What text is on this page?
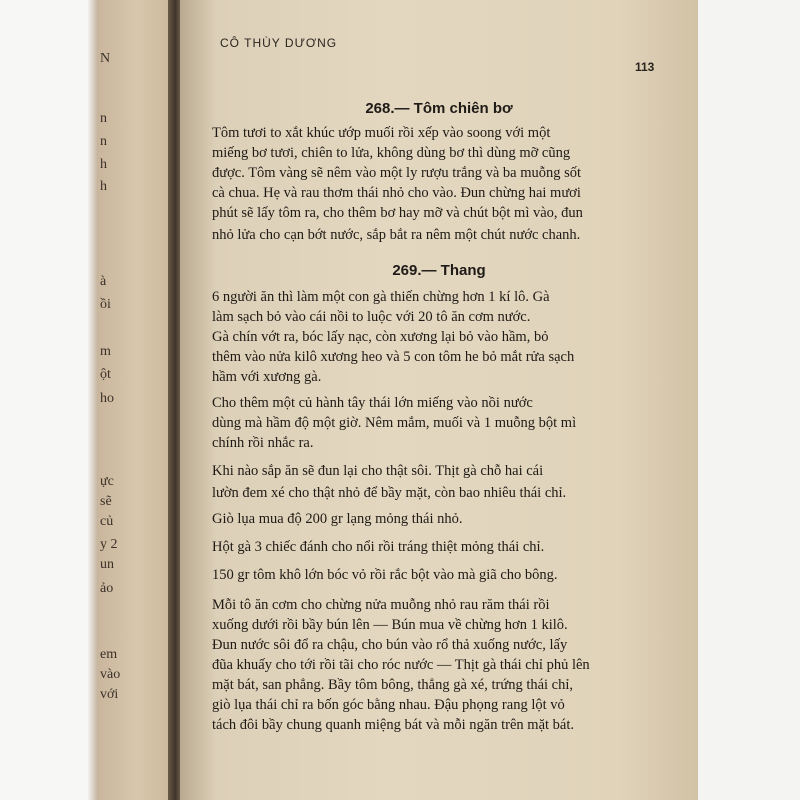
N
n
n
h
h
à
ồi
m
ột
ho
ực
sẽ
củ
y 2
un
ảo
em
vào
với
CÔ THÙY DƯƠNG
113
268.— Tôm chiên bơ
Tôm tươi to xắt khúc ướp muối rồi xếp vào soong với một
miếng bơ tươi, chiên to lửa, không dùng bơ thì dùng mỡ cũng
được. Tôm vàng sẽ nêm vào một ly rượu trắng và ba muỗng sốt
cà chua. Hẹ và rau thơm thái nhỏ cho vào. Đun chừng hai mươi
phút sẽ lấy tôm ra, cho thêm bơ hay mỡ và chút bột mì vào, đun
nhỏ lửa cho cạn bớt nước, sắp bắt ra nêm một chút nước chanh.
269.— Thang
6 người ăn thì làm một con gà thiến chừng hơn 1 kí lô. Gà
làm sạch bỏ vào cái nồi to luộc với 20 tô ăn cơm nước.
Gà chín vớt ra, bóc lấy nạc, còn xương lại bỏ vào hầm, bỏ
thêm vào nửa kilô xương heo và 5 con tôm he bỏ mắt rửa sạch
hầm với xương gà.
Cho thêm một củ hành tây thái lớn miếng vào nồi nước
dùng mà hầm độ một giờ. Nêm mắm, muối và 1 muỗng bột mì
chính rồi nhắc ra.
Khi nào sắp ăn sẽ đun lại cho thật sôi. Thịt gà chỗ hai cái
lườn đem xé cho thật nhỏ để bầy mặt, còn bao nhiêu thái chỉ.
Giò lụa mua độ 200 gr lạng mỏng thái nhỏ.
Hột gà 3 chiếc đánh cho nổi rồi tráng thiệt mỏng thái chỉ.
150 gr tôm khô lớn bóc vỏ rồi rắc bột vào mà giã cho bông.
Mỗi tô ăn cơm cho chừng nửa muỗng nhỏ rau răm thái rồi
xuống dưới rồi bầy bún lên — Bún mua về chừng hơn 1 kilô.
Đun nước sôi đổ ra chậu, cho bún vào rổ thả xuống nước, lấy
đũa khuấy cho tới rồi tãi cho róc nước — Thịt gà thái chỉ phủ lên
mặt bát, san phẳng. Bầy tôm bông, thẳng gà xé, trứng thái chỉ,
giò lụa thái chỉ ra bốn góc bằng nhau. Đậu phọng rang lột vỏ
tách đôi bầy chung quanh miệng bát và mỗi ngăn trên mặt bát.
